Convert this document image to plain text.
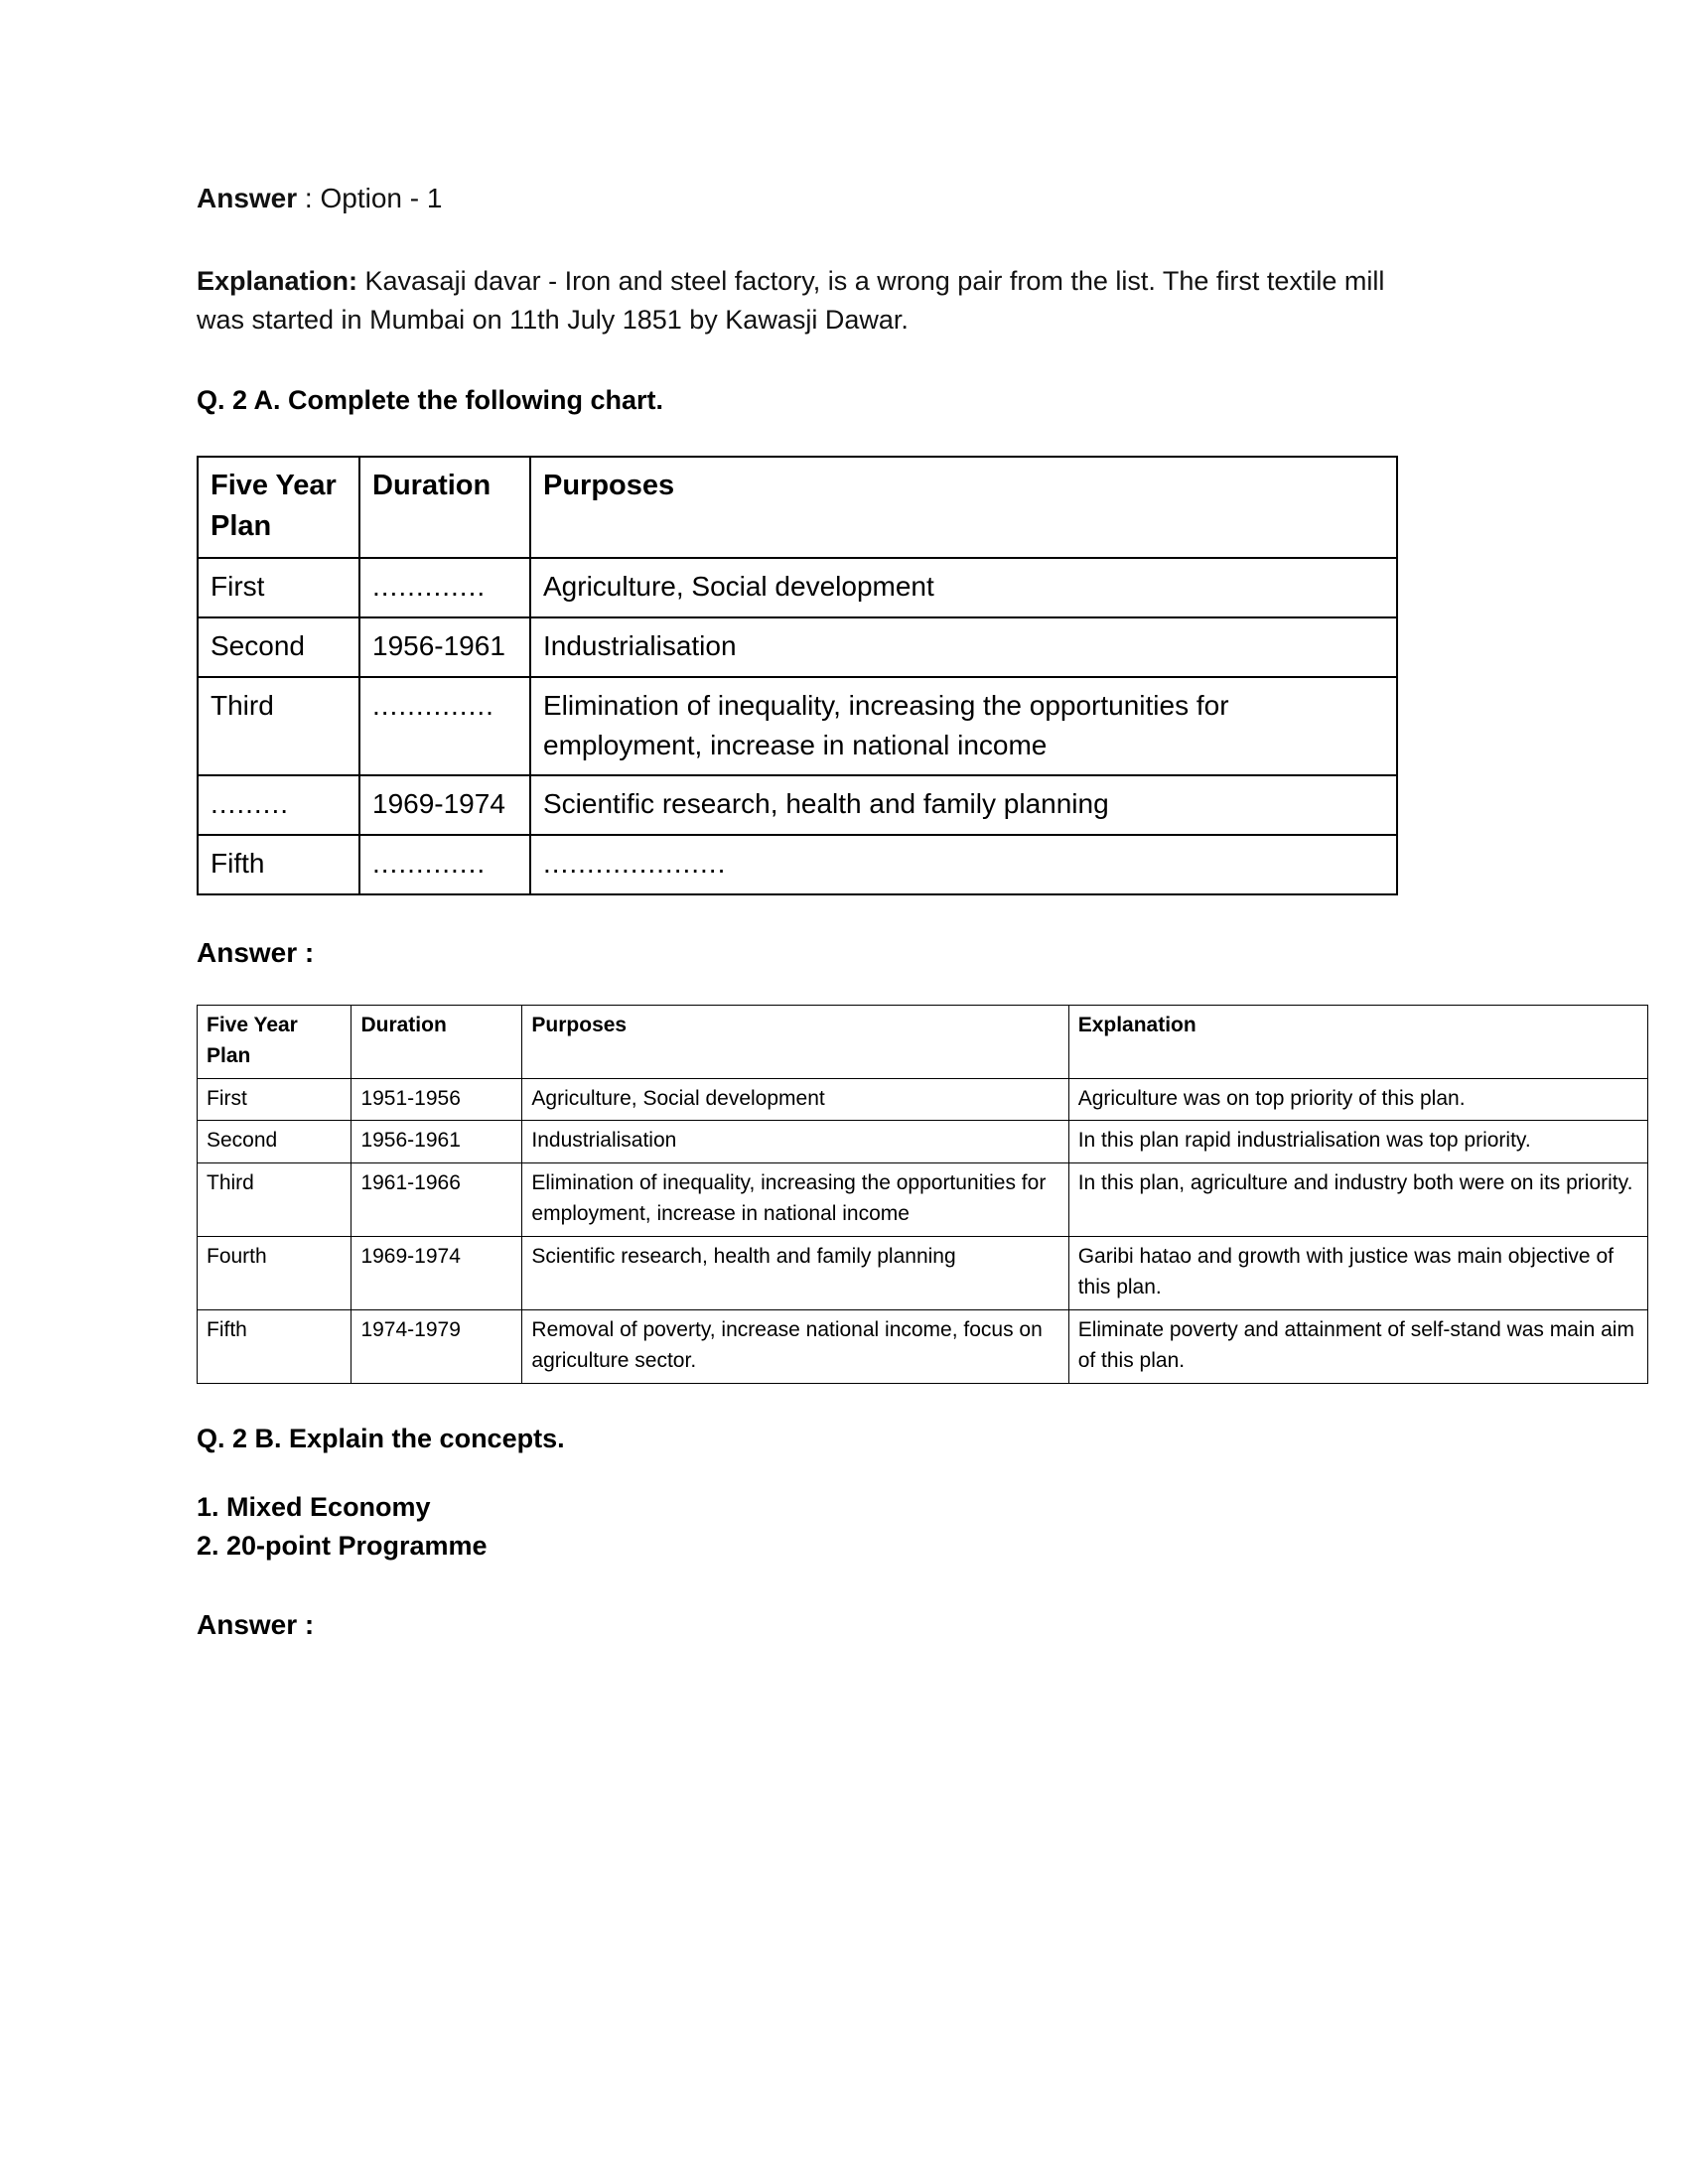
Answer : Option - 1
Explanation: Kavasaji davar - Iron and steel factory, is a wrong pair from the list. The first textile mill was started in Mumbai on 11th July 1851 by Kawasji Dawar.
Q. 2 A. Complete the following chart.
Five Year Plan	Duration	Purposes
First	.............	Agriculture, Social development
Second	1956-1961	Industrialisation
Third	..............	Elimination of inequality, increasing the opportunities for employment, increase in national income
.........	1969-1974	Scientific research, health and family planning
Fifth	.............	.....................
Answer :
Five Year Plan	Duration	Purposes	Explanation
First	1951-1956	Agriculture, Social development	Agriculture was on top priority of this plan.
Second	1956-1961	Industrialisation	In this plan rapid industrialisation was top priority.
Third	1961-1966	Elimination of inequality, increasing the opportunities for employment, increase in national income	In this plan, agriculture and industry both were on its priority.
Fourth	1969-1974	Scientific research, health and family planning	Garibi hatao and growth with justice was main objective of this plan.
Fifth	1974-1979	Removal of poverty, increase national income, focus on agriculture sector.	Eliminate poverty and attainment of self-stand was main aim of this plan.
Q. 2 B. Explain the concepts.
1. Mixed Economy
2. 20-point Programme
Answer :
